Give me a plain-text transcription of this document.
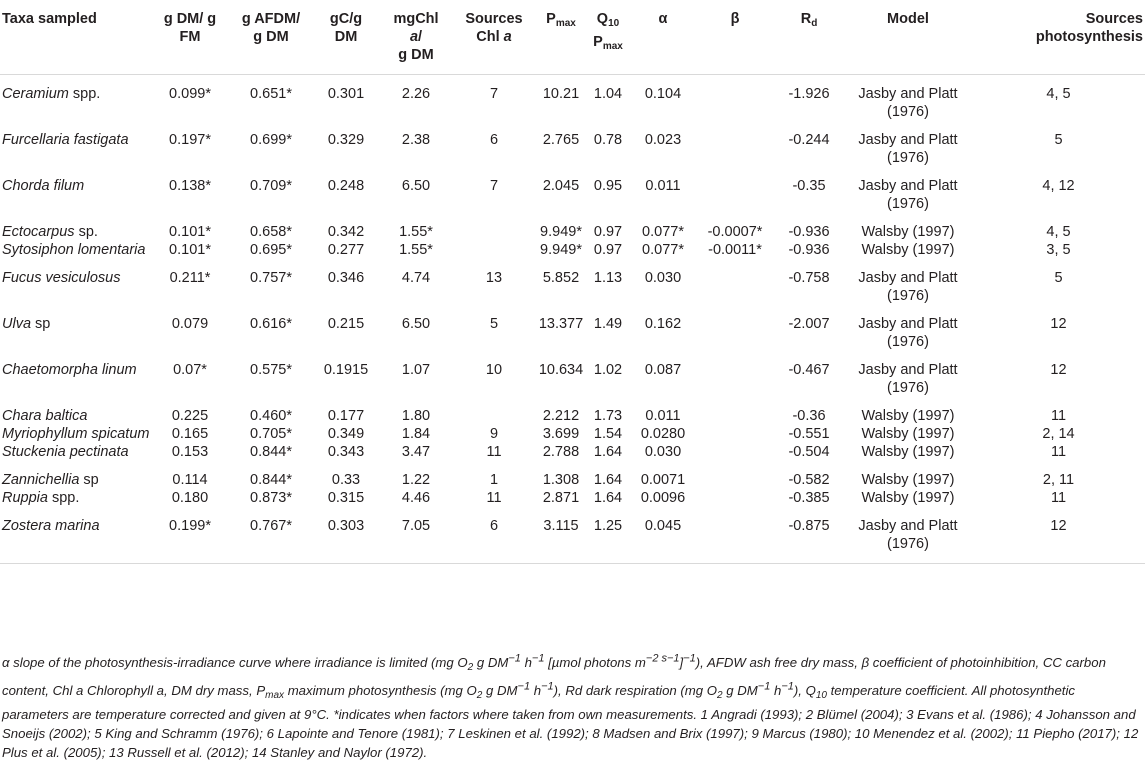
Taxa sampled	g DM/ g FM	g AFDM/ g DM	gC/g DM	mgChl
a/
g DM	Sources Chl a	$P_{max}$	$Q_{10}$
$P_{max}$	α	β	$R_d$	Model	Sources photosynthesis
Ceramium spp.	0.099*	0.651*	0.301	2.26	7	10.21	1.04	0.104		-1.926	Jasby and Platt (1976)	4, 5
Furcellaria fastigata	0.197*	0.699*	0.329	2.38	6	2.765	0.78	0.023		-0.244	Jasby and Platt (1976)	5
Chorda filum	0.138*	0.709*	0.248	6.50	7	2.045	0.95	0.011		-0.35	Jasby and Platt (1976)	4, 12
Ectocarpus sp.	0.101*	0.658*	0.342	1.55*		9.949*	0.97	0.077*	-0.0007*	-0.936	Walsby (1997)	4, 5
Sytosiphon lomentaria	0.101*	0.695*	0.277	1.55*		9.949*	0.97	0.077*	-0.0011*	-0.936	Walsby (1997)	3, 5
Fucus vesiculosus	0.211*	0.757*	0.346	4.74	13	5.852	1.13	0.030		-0.758	Jasby and Platt (1976)	5
Ulva sp	0.079	0.616*	0.215	6.50	5	13.377	1.49	0.162		-2.007	Jasby and Platt (1976)	12
Chaetomorpha linum	0.07*	0.575*	0.1915	1.07	10	10.634	1.02	0.087		-0.467	Jasby and Platt (1976)	12
Chara baltica	0.225	0.460*	0.177	1.80		2.212	1.73	0.011		-0.36	Walsby (1997)	11
Myriophyllum spicatum	0.165	0.705*	0.349	1.84	9	3.699	1.54	0.0280		-0.551	Walsby (1997)	2, 14
Stuckenia pectinata	0.153	0.844*	0.343	3.47	11	2.788	1.64	0.030		-0.504	Walsby (1997)	11
Zannichellia sp	0.114	0.844*	0.33	1.22	1	1.308	1.64	0.0071		-0.582	Walsby (1997)	2, 11
Ruppia spp.	0.180	0.873*	0.315	4.46	11	2.871	1.64	0.0096		-0.385	Walsby (1997)	11
Zostera marina	0.199*	0.767*	0.303	7.05	6	3.115	1.25	0.045		-0.875	Jasby and Platt (1976)	12
α slope of the photosynthesis-irradiance curve where irradiance is limited (mg $O_2$ g $DM^{-1}$ $h^{-1}$ [µmol photons $m^{-2 s-1}]^{-1}$), AFDW ash free dry mass, β coefficient of photoinhibition, CC carbon content, Chl a Chlorophyll a, DM dry mass, $P_{max}$ maximum photosynthesis (mg $O_2$ g $DM^{-1}$ $h^{-1}$), Rd dark respiration (mg $O_2$ g $DM^{-1}$ $h^{-1}$), $Q_{10}$ temperature coefficient. All photosynthetic parameters are temperature corrected and given at 9°C. *indicates when factors where taken from own measurements. 1 Angradi (1993); 2 Blümel (2004); 3 Evans et al. (1986); 4 Johansson and Snoeijs (2002); 5 King and Schramm (1976); 6 Lapointe and Tenore (1981); 7 Leskinen et al. (1992); 8 Madsen and Brix (1997); 9 Marcus (1980); 10 Menendez et al. (2002); 11 Piepho (2017); 12 Plus et al. (2005); 13 Russell et al. (2012); 14 Stanley and Naylor (1972).
